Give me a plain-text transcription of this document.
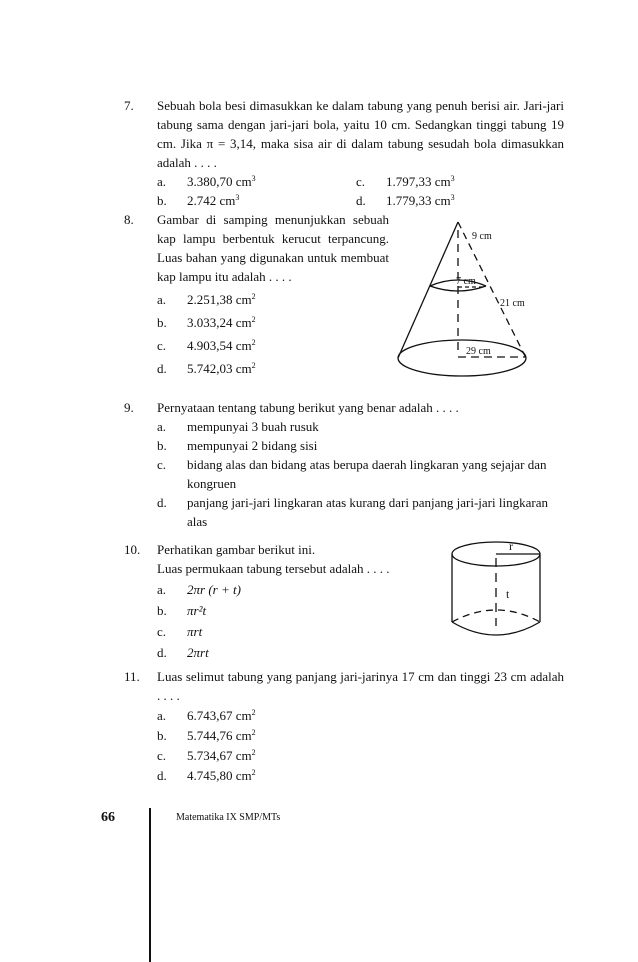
7. Sebuah bola besi dimasukkan ke dalam tabung yang penuh berisi air. Jari-jari tabung sama dengan jari-jari bola, yaitu 10 cm. Sedangkan tinggi tabung 19 cm. Jika π = 3,14, maka sisa air di dalam tabung sesudah bola dimasukkan adalah . . . .
a. 3.380,70 $cm^3$	c. 1.797,33 $cm^3$
b. 2.742 $cm^3$	d. 1.779,33 $cm^3$
8. Gambar di samping menunjukkan sebuah kap lampu berbentuk kerucut terpancung. Luas bahan yang digunakan untuk membuat kap lampu itu adalah . . . .
a. 2.251,38 $cm^2$
b. 3.033,24 $cm^2$
c. 4.903,54 $cm^2$
d. 5.742,03 $cm^2$
9 cm
7 cm
21 cm
29 cm
9. Pernyataan tentang tabung berikut yang benar adalah . . . .
a. mempunyai 3 buah rusuk
b. mempunyai 2 bidang sisi
c. bidang alas dan bidang atas berupa daerah lingkaran yang sejajar dan kongruen
d. panjang jari-jari lingkaran atas kurang dari panjang jari-jari lingkaran alas
10. Perhatikan gambar berikut ini.
Luas permukaan tabung tersebut adalah . . . .
a. 2πr (r + t)
b. πr²t
c. πrt
d. 2πrt
r
t
11. Luas selimut tabung yang panjang jari-jarinya 17 cm dan tinggi 23 cm adalah . . . .
a. 6.743,67 $cm^2$
b. 5.744,76 $cm^2$
c. 5.734,67 $cm^2$
d. 4.745,80 $cm^2$
66	Matematika IX SMP/MTs
